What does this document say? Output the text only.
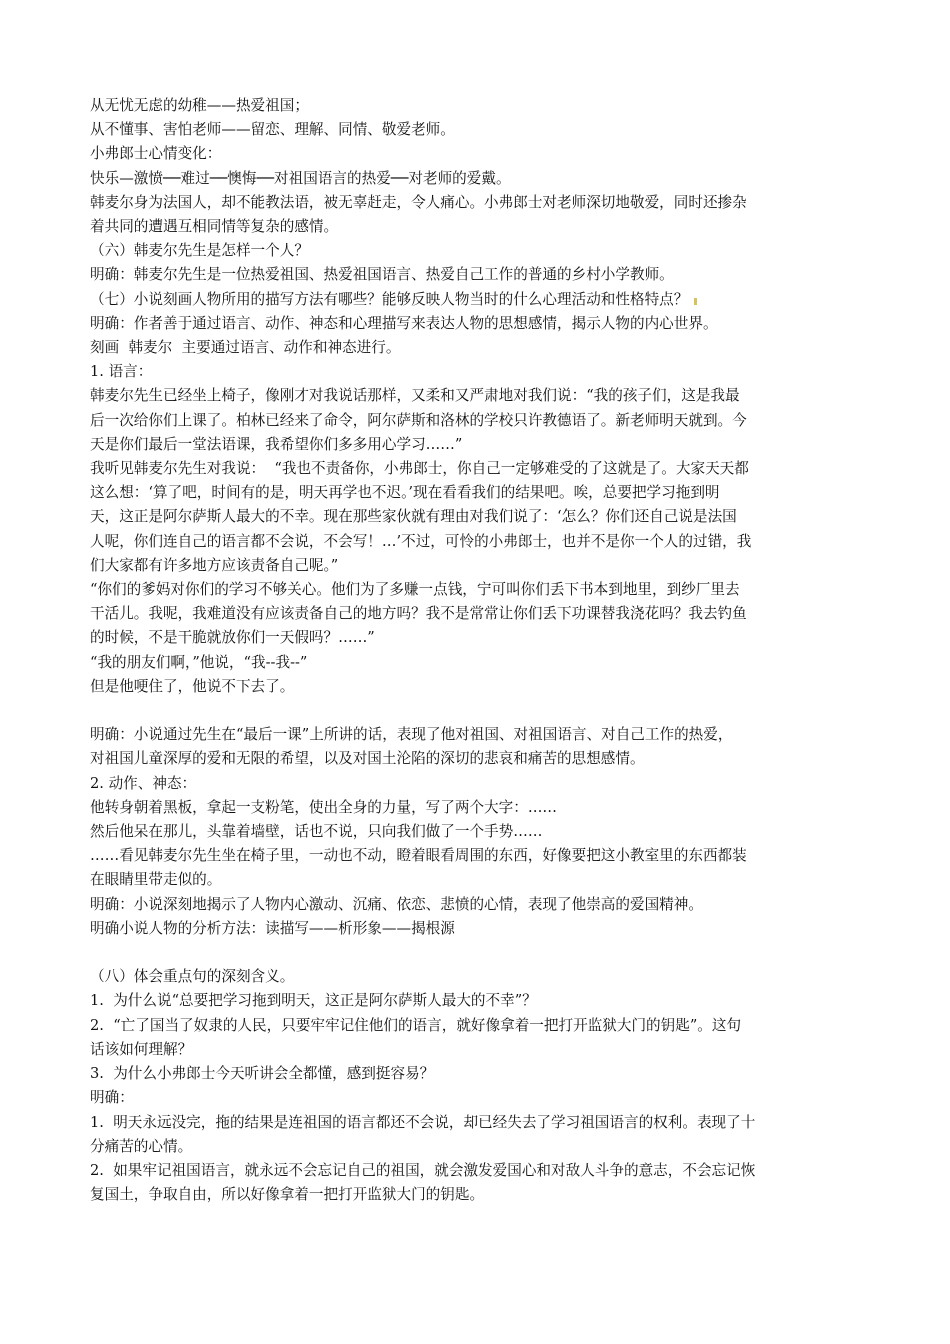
从无忧无虑的幼稚——热爱祖国；

从不懂事、害怕老师——留恋、理解、同情、敬爱老师。

小弗郎士心情变化：

快乐—激愤──难过──懊悔──对祖国语言的热爱──对老师的爱戴。

韩麦尔身为法国人，却不能教法语，被无辜赶走，令人痛心。小弗郎士对老师深切地敬爱，同时还掺杂

着共同的遭遇互相同情等复杂的感情。

（六）韩麦尔先生是怎样一个人？

明确：韩麦尔先生是一位热爱祖国、热爱祖国语言、热爱自己工作的普通的乡村小学教师。

（七）小说刻画人物所用的描写方法有哪些？能够反映人物当时的什么心理活动和性格特点？

明确：作者善于通过语言、动作、神态和心理描写来表达人物的思想感情，揭示人物的内心世界。

刻画  韩麦尔  主要通过语言、动作和神态进行。

1. 语言：

韩麦尔先生已经坐上椅子，像刚才对我说话那样，又柔和又严肃地对我们说：“我的孩子们，这是我最

后一次给你们上课了。柏林已经来了命令，阿尔萨斯和洛林的学校只许教德语了。新老师明天就到。今

天是你们最后一堂法语课，我希望你们多多用心学习……”

我听见韩麦尔先生对我说：  “我也不责备你，小弗郎士，你自己一定够难受的了这就是了。大家天天都

这么想：‘算了吧，时间有的是，明天再学也不迟。’现在看看我们的结果吧。唉，总要把学习拖到明

天，这正是阿尔萨斯人最大的不幸。现在那些家伙就有理由对我们说了：‘怎么？你们还自己说是法国

人呢，你们连自己的语言都不会说，不会写！…’不过，可怜的小弗郎士，也并不是你一个人的过错，我

们大家都有许多地方应该责备自己呢。”

“你们的爹妈对你们的学习不够关心。他们为了多赚一点钱，宁可叫你们丢下书本到地里，到纱厂里去

干活儿。我呢，我难道没有应该责备自己的地方吗？我不是常常让你们丢下功课替我浇花吗？我去钓鱼

的时候，不是干脆就放你们一天假吗？……”

“我的朋友们啊，”他说，“我--我--”

但是他哽住了，他说不下去了。

明确：小说通过先生在“最后一课”上所讲的话，表现了他对祖国、对祖国语言、对自己工作的热爱，

对祖国儿童深厚的爱和无限的希望，以及对国土沦陷的深切的悲哀和痛苦的思想感情。

2. 动作、神态：

他转身朝着黑板，拿起一支粉笔，使出全身的力量，写了两个大字：……

然后他呆在那儿，头靠着墙壁，话也不说，只向我们做了一个手势……

……看见韩麦尔先生坐在椅子里，一动也不动，瞪着眼看周围的东西，好像要把这小教室里的东西都装

在眼睛里带走似的。

明确：小说深刻地揭示了人物内心激动、沉痛、依恋、悲愤的心情，表现了他崇高的爱国精神。

明确小说人物的分析方法：读描写——析形象——揭根源

（八）体会重点句的深刻含义。

1.  为什么说“总要把学习拖到明天，这正是阿尔萨斯人最大的不幸”？

2.  “亡了国当了奴隶的人民，只要牢牢记住他们的语言，就好像拿着一把打开监狱大门的钥匙”。这句

话该如何理解？

3.  为什么小弗郎士今天听讲会全都懂，感到挺容易？

明确：

1.  明天永远没完，拖的结果是连祖国的语言都还不会说，却已经失去了学习祖国语言的权利。表现了十

分痛苦的心情。

2.  如果牢记祖国语言，就永远不会忘记自己的祖国，就会激发爱国心和对敌人斗争的意志，不会忘记恢

复国土，争取自由，所以好像拿着一把打开监狱大门的钥匙。
